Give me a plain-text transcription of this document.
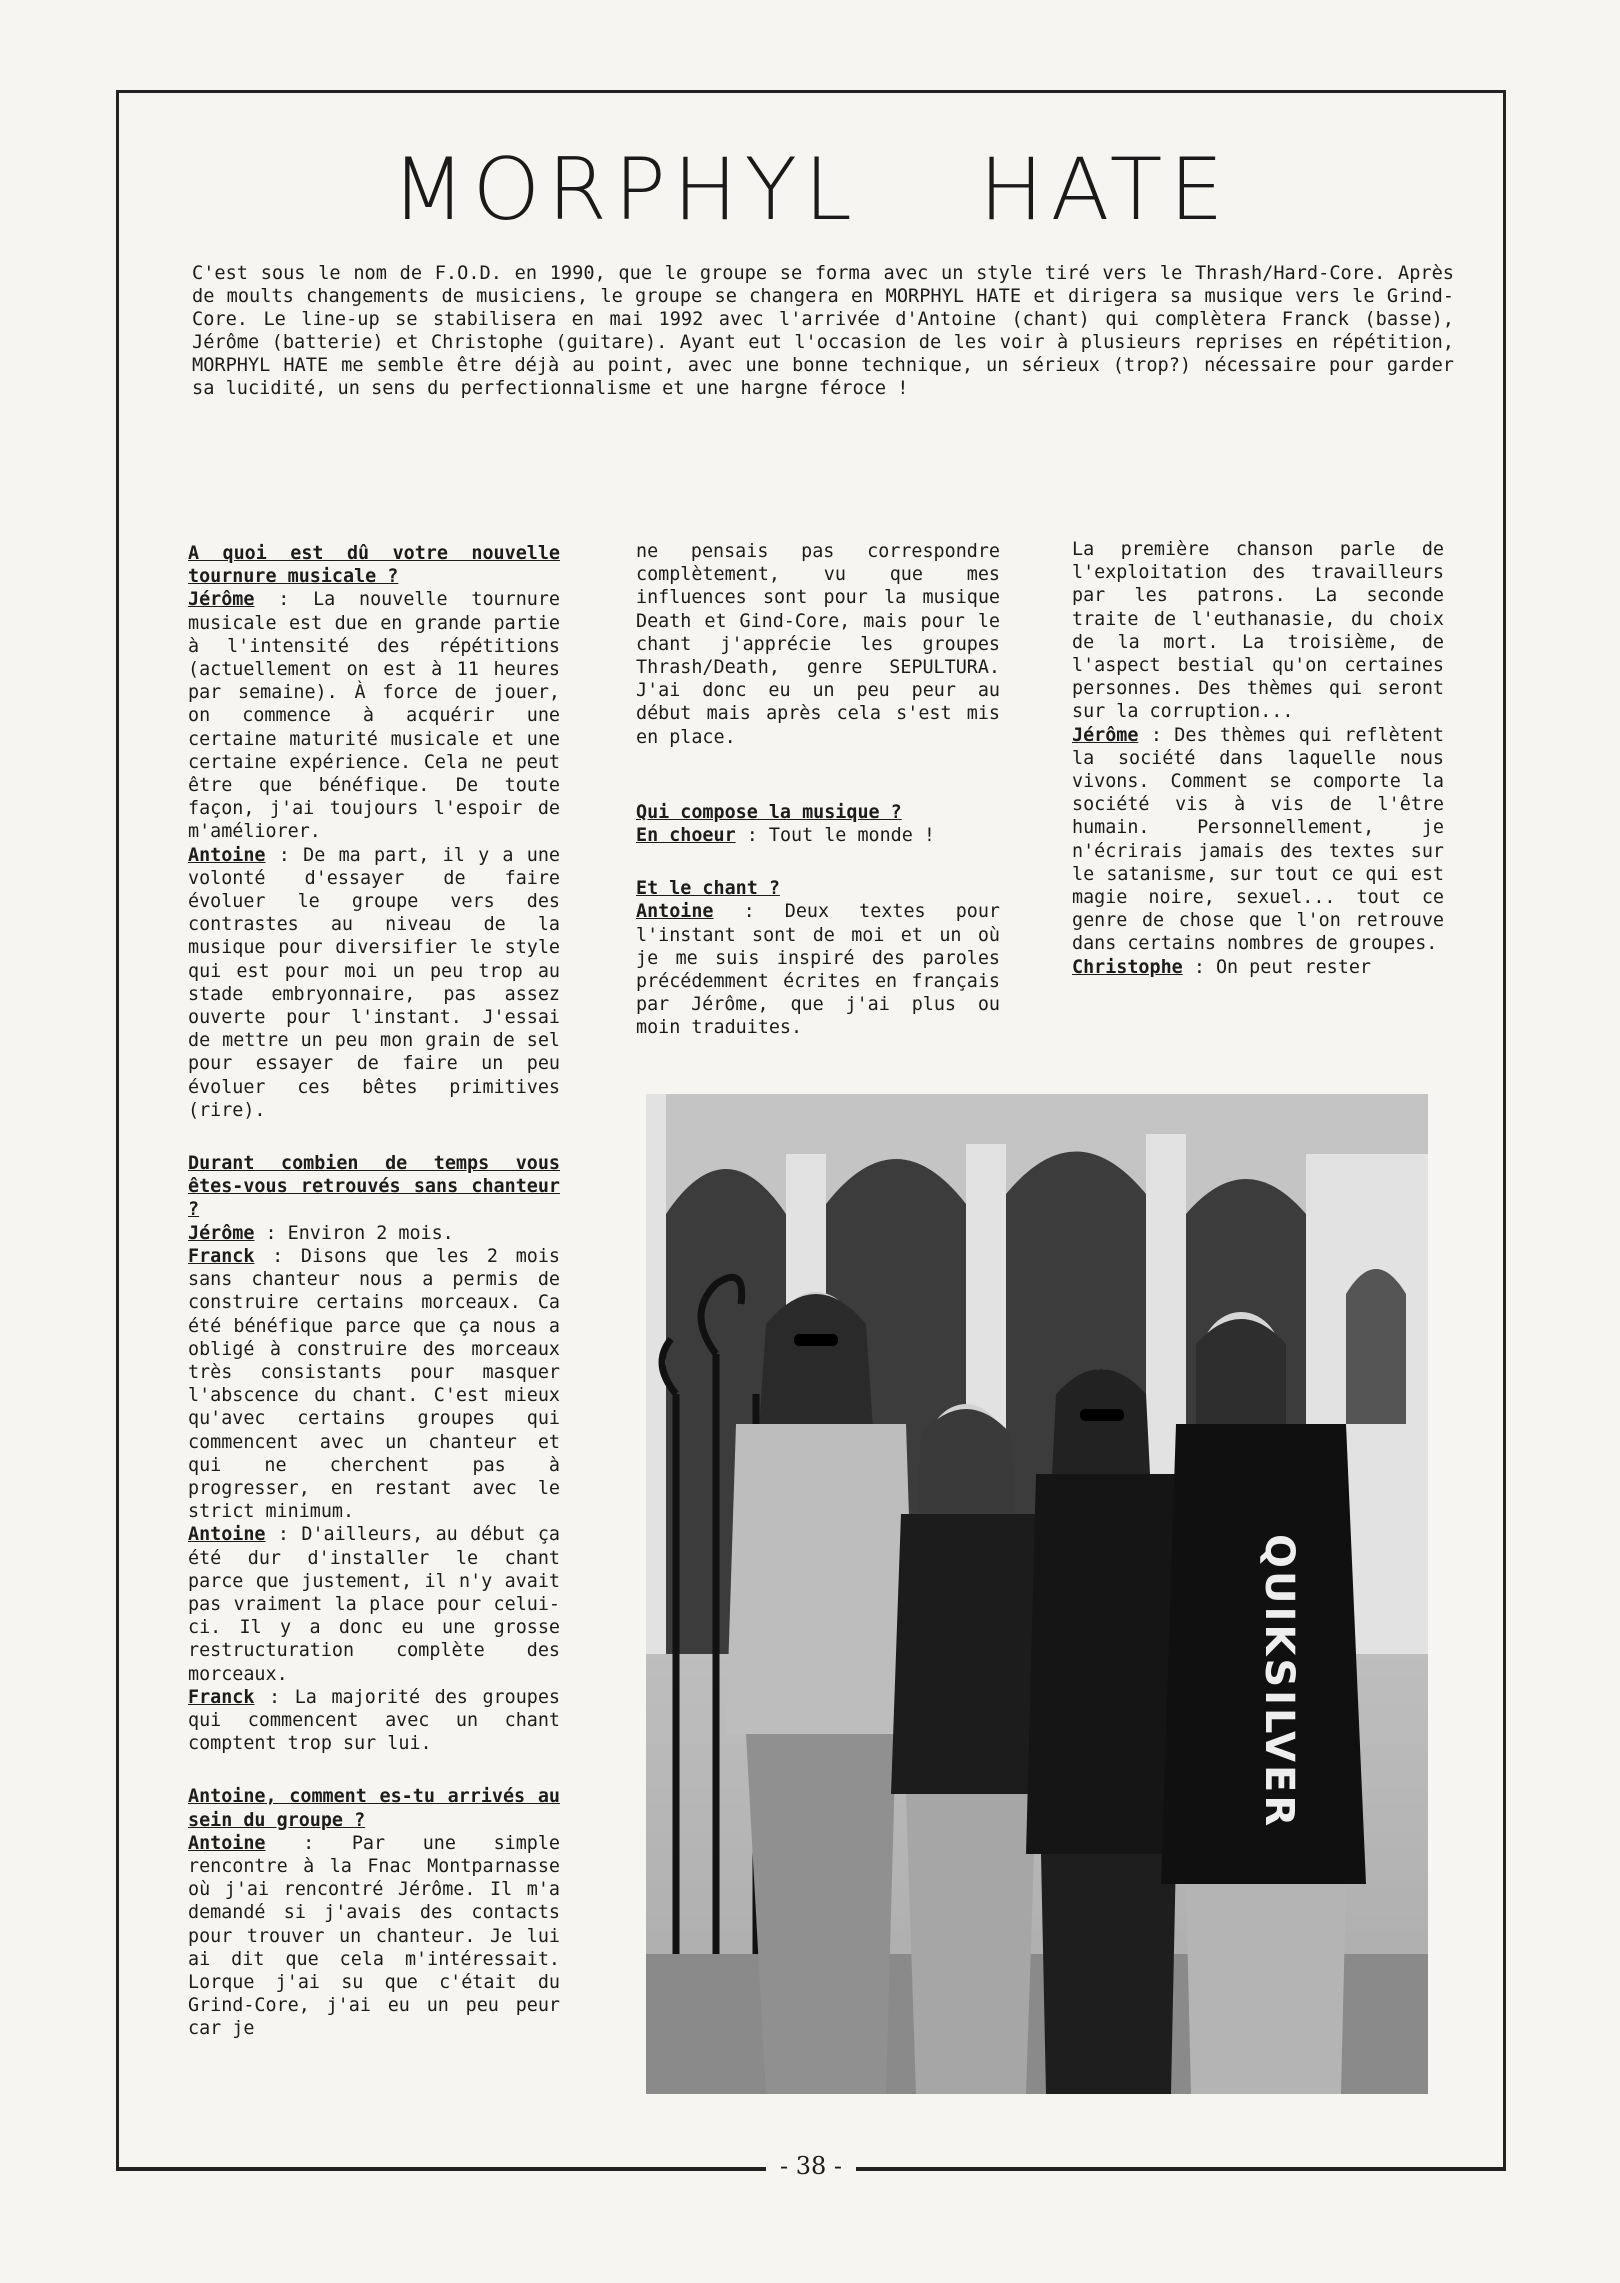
MORPHYL HATE

C'est sous le nom de F.O.D. en 1990, que le groupe se forma avec un style tiré vers le Thrash/Hard-Core. Après de moults changements de musiciens, le groupe se changera en MORPHYL HATE et dirigera sa musique vers le Grind-Core. Le line-up se stabilisera en mai 1992 avec l'arrivée d'Antoine (chant) qui complètera Franck (basse), Jérôme (batterie) et Christophe (guitare). Ayant eut l'occasion de les voir à plusieurs reprises en répétition, MORPHYL HATE me semble être déjà au point, avec une bonne technique, un sérieux (trop?) nécessaire pour garder sa lucidité, un sens du perfectionnalisme et une hargne féroce !

A quoi est dû votre nouvelle tournure musicale ?

Jérôme : La nouvelle tournure musicale est due en grande partie à l'intensité des répétitions (actuellement on est à 11 heures par semaine). À force de jouer, on commence à acquérir une certaine maturité musicale et une certaine expérience. Cela ne peut être que bénéfique. De toute façon, j'ai toujours l'espoir de m'améliorer.

Antoine : De ma part, il y a une volonté d'essayer de faire évoluer le groupe vers des contrastes au niveau de la musique pour diversifier le style qui est pour moi un peu trop au stade embryonnaire, pas assez ouverte pour l'instant. J'essai de mettre un peu mon grain de sel pour essayer de faire un peu évoluer ces bêtes primitives (rire).

Durant combien de temps vous êtes-vous retrouvés sans chanteur ?

Jérôme : Environ 2 mois.

Franck : Disons que les 2 mois sans chanteur nous a permis de construire certains morceaux. Ca été bénéfique parce que ça nous a obligé à construire des morceaux très consistants pour masquer l'abscence du chant. C'est mieux qu'avec certains groupes qui commencent avec un chanteur et qui ne cherchent pas à progresser, en restant avec le strict minimum.

Antoine : D'ailleurs, au début ça été dur d'installer le chant parce que justement, il n'y avait pas vraiment la place pour celui-ci. Il y a donc eu une grosse restructuration complète des morceaux.

Franck : La majorité des groupes qui commencent avec un chant comptent trop sur lui.

Antoine, comment es-tu arrivés au sein du groupe ?

Antoine : Par une simple rencontre à la Fnac Montparnasse où j'ai rencontré Jérôme. Il m'a demandé si j'avais des contacts pour trouver un chanteur. Je lui ai dit que cela m'intéressait. Lorque j'ai su que c'était du Grind-Core, j'ai eu un peu peur car je

ne pensais pas correspondre complètement, vu que mes influences sont pour la musique Death et Gind-Core, mais pour le chant j'apprécie les groupes Thrash/Death, genre SEPULTURA. J'ai donc eu un peu peur au début mais après cela s'est mis en place.

Qui compose la musique ?

En choeur : Tout le monde !

Et le chant ?

Antoine : Deux textes pour l'instant sont de moi et un où je me suis inspiré des paroles précédemment écrites en français par Jérôme, que j'ai plus ou moin traduites.

La première chanson parle de l'exploitation des travailleurs par les patrons. La seconde traite de l'euthanasie, du choix de la mort. La troisième, de l'aspect bestial qu'on certaines personnes. Des thèmes qui seront sur la corruption...

Jérôme : Des thèmes qui reflètent la société dans laquelle nous vivons. Comment se comporte la société vis à vis de l'être humain. Personnellement, je n'écrirais jamais des textes sur le satanisme, sur tout ce qui est magie noire, sexuel... tout ce genre de chose que l'on retrouve dans certains nombres de groupes.

Christophe : On peut rester

QUIKSILVER
- 38 -
